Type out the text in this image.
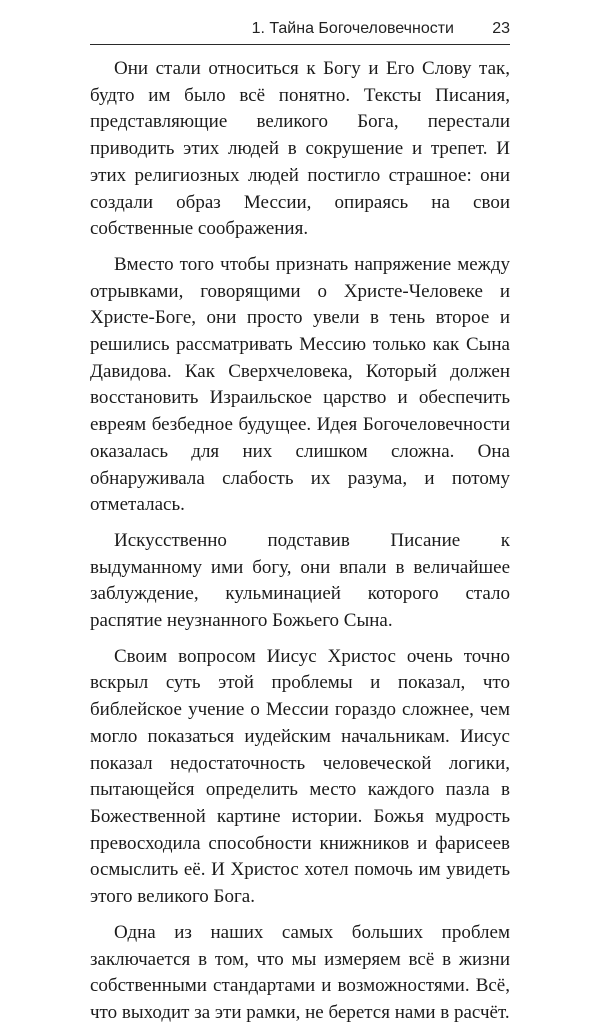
1. Тайна Богочеловечности 23

Они стали относиться к Богу и Его Слову так, будто им было всё понятно. Тексты Писания, представляющие великого Бога, перестали приводить этих людей в сокрушение и трепет. И этих религиозных людей постигло страшное: они создали образ Мессии, опираясь на свои собственные соображения.

Вместо того чтобы признать напряжение между отрывками, говорящими о Христе-Человеке и Христе-Боге, они просто увели в тень второе и решились рассматривать Мессию только как Сына Давидова. Как Сверхчеловека, Который должен восстановить Израильское царство и обеспечить евреям безбедное будущее. Идея Богочеловечности оказалась для них слишком сложна. Она обнаруживала слабость их разума, и потому отметалась.

Искусственно подставив Писание к выдуманному ими богу, они впали в величайшее заблуждение, кульминацией которого стало распятие неузнанного Божьего Сына.

Своим вопросом Иисус Христос очень точно вскрыл суть этой проблемы и показал, что библейское учение о Мессии гораздо сложнее, чем могло показаться иудейским начальникам. Иисус показал недостаточность человеческой логики, пытающейся определить место каждого пазла в Божественной картине истории. Божья мудрость превосходила способности книжников и фарисеев осмыслить её. И Христос хотел помочь им увидеть этого великого Бога.

Одна из наших самых больших проблем заключается в том, что мы измеряем всё в жизни собственными стандартами и возможностями. Всё, что выходит за эти рамки, не берется нами в расчёт.
